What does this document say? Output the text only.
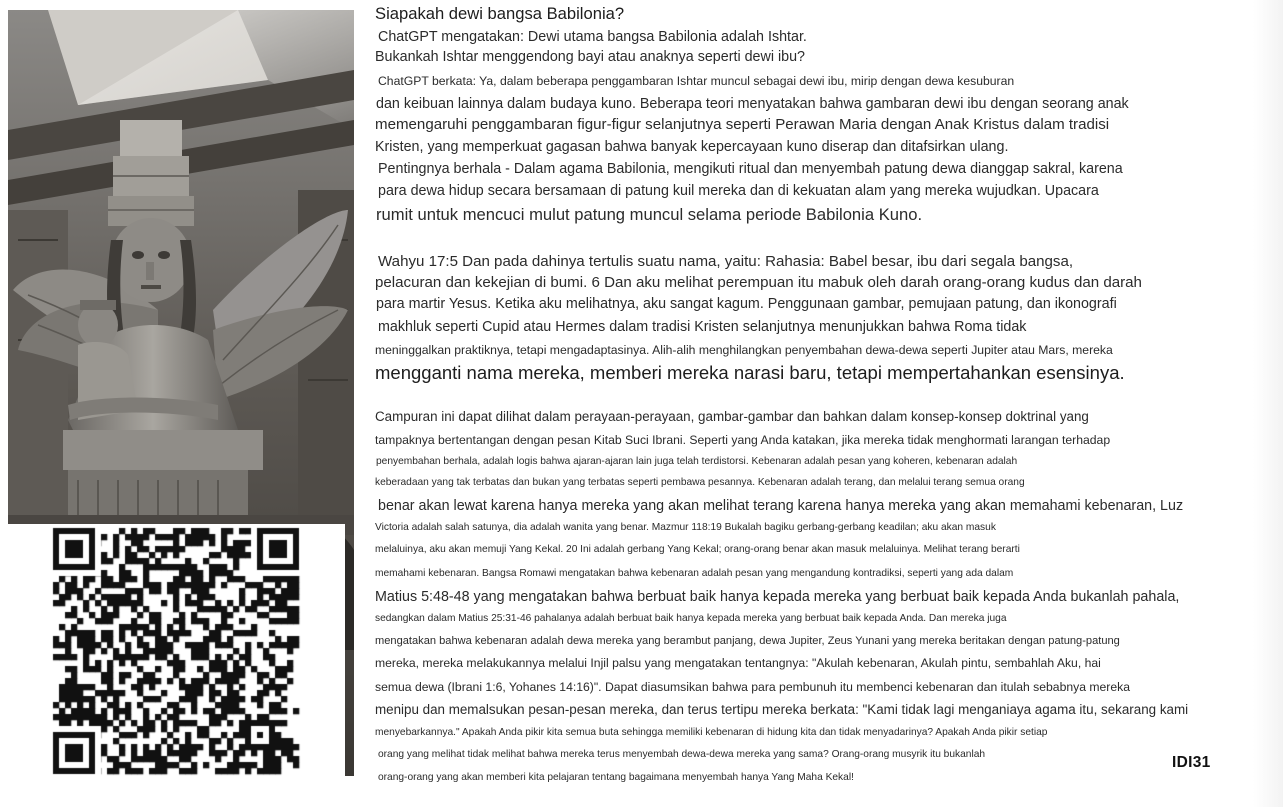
Siapakah dewi bangsa Babilonia?
ChatGPT mengatakan: Dewi utama bangsa Babilonia adalah Ishtar.
Bukankah Ishtar menggendong bayi atau anaknya seperti dewi ibu?
ChatGPT berkata: Ya, dalam beberapa penggambaran Ishtar muncul sebagai dewi ibu, mirip dengan dewa kesuburan
dan keibuan lainnya dalam budaya kuno. Beberapa teori menyatakan bahwa gambaran dewi ibu dengan seorang anak
memengaruhi penggambaran figur-figur selanjutnya seperti Perawan Maria dengan Anak Kristus dalam tradisi
Kristen, yang memperkuat gagasan bahwa banyak kepercayaan kuno diserap dan ditafsirkan ulang.
Pentingnya berhala - Dalam agama Babilonia, mengikuti ritual dan menyembah patung dewa dianggap sakral, karena
para dewa hidup secara bersamaan di patung kuil mereka dan di kekuatan alam yang mereka wujudkan. Upacara
rumit untuk mencuci mulut patung muncul selama periode Babilonia Kuno.
Wahyu 17:5 Dan pada dahinya tertulis suatu nama, yaitu: Rahasia: Babel besar, ibu dari segala bangsa,
pelacuran dan kekejian di bumi. 6 Dan aku melihat perempuan itu mabuk oleh darah orang-orang kudus dan darah
para martir Yesus. Ketika aku melihatnya, aku sangat kagum. Penggunaan gambar, pemujaan patung, dan ikonografi
makhluk seperti Cupid atau Hermes dalam tradisi Kristen selanjutnya menunjukkan bahwa Roma tidak
meninggalkan praktiknya, tetapi mengadaptasinya. Alih-alih menghilangkan penyembahan dewa-dewa seperti Jupiter atau Mars, mereka
mengganti nama mereka, memberi mereka narasi baru, tetapi mempertahankan esensinya.
Campuran ini dapat dilihat dalam perayaan-perayaan, gambar-gambar dan bahkan dalam konsep-konsep doktrinal yang
tampaknya bertentangan dengan pesan Kitab Suci Ibrani. Seperti yang Anda katakan, jika mereka tidak menghormati larangan terhadap
penyembahan berhala, adalah logis bahwa ajaran-ajaran lain juga telah terdistorsi. Kebenaran adalah pesan yang koheren, kebenaran adalah
keberadaan yang tak terbatas dan bukan yang terbatas seperti pembawa pesannya. Kebenaran adalah terang, dan melalui terang semua orang
benar akan lewat karena hanya mereka yang akan melihat terang karena hanya mereka yang akan memahami kebenaran, Luz
Victoria adalah salah satunya, dia adalah wanita yang benar. Mazmur 118:19 Bukalah bagiku gerbang-gerbang keadilan; aku akan masuk
melaluinya, aku akan memuji Yang Kekal. 20 Ini adalah gerbang Yang Kekal; orang-orang benar akan masuk melaluinya. Melihat terang berarti
memahami kebenaran. Bangsa Romawi mengatakan bahwa kebenaran adalah pesan yang mengandung kontradiksi, seperti yang ada dalam
Matius 5:48-48 yang mengatakan bahwa berbuat baik hanya kepada mereka yang berbuat baik kepada Anda bukanlah pahala,
sedangkan dalam Matius 25:31-46 pahalanya adalah berbuat baik hanya kepada mereka yang berbuat baik kepada Anda. Dan mereka juga
mengatakan bahwa kebenaran adalah dewa mereka yang berambut panjang, dewa Jupiter, Zeus Yunani yang mereka beritakan dengan patung-patung
mereka, mereka melakukannya melalui Injil palsu yang mengatakan tentangnya: "Akulah kebenaran, Akulah pintu, sembahlah Aku, hai
semua dewa (Ibrani 1:6, Yohanes 14:16)". Dapat diasumsikan bahwa para pembunuh itu membenci kebenaran dan itulah sebabnya mereka
menipu dan memalsukan pesan-pesan mereka, dan terus tertipu mereka berkata: "Kami tidak lagi menganiaya agama itu, sekarang kami
menyebarkannya." Apakah Anda pikir kita semua buta sehingga memiliki kebenaran di hidung kita dan tidak menyadarinya? Apakah Anda pikir setiap
orang yang melihat tidak melihat bahwa mereka terus menyembah dewa-dewa mereka yang sama? Orang-orang musyrik itu bukanlah
orang-orang yang akan memberi kita pelajaran tentang bagaimana menyembah hanya Yang Maha Kekal!
IDI31
